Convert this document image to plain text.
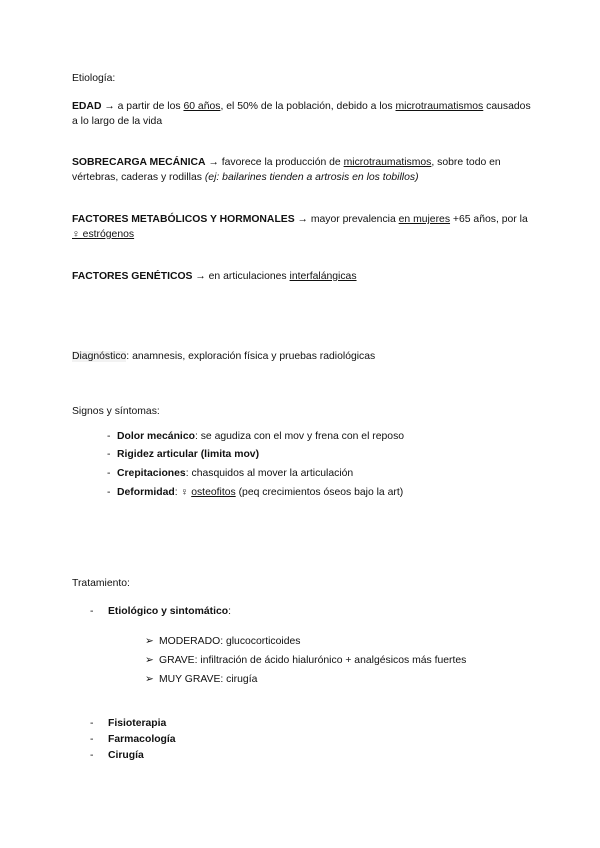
Etiología:
EDAD → a partir de los 60 años, el 50% de la población, debido a los microtraumatismos causados a lo largo de la vida
SOBRECARGA MECÁNICA → favorece la producción de microtraumatismos, sobre todo en vértebras, caderas y rodillas (ej: bailarines tienden a artrosis en los tobillos)
FACTORES METABÓLICOS Y HORMONALES → mayor prevalencia en mujeres +65 años, por la ♀ estrógenos
FACTORES GENÉTICOS → en articulaciones interfalángicas
Diagnóstico: anamnesis, exploración física y pruebas radiológicas
Signos y síntomas:
- Dolor mecánico: se agudiza con el mov y frena con el reposo
- Rigidez articular (limita mov)
- Crepitaciones: chasquidos al mover la articulación
- Deformidad: ♀ osteofitos (peq crecimientos óseos bajo la art)
Tratamiento:
- Etiológico y sintomático:
➢ MODERADO: glucocorticoides
➢ GRAVE: infiltración de ácido hialurónico + analgésicos más fuertes
➢ MUY GRAVE: cirugía
- Fisioterapia
- Farmacología
- Cirugía
